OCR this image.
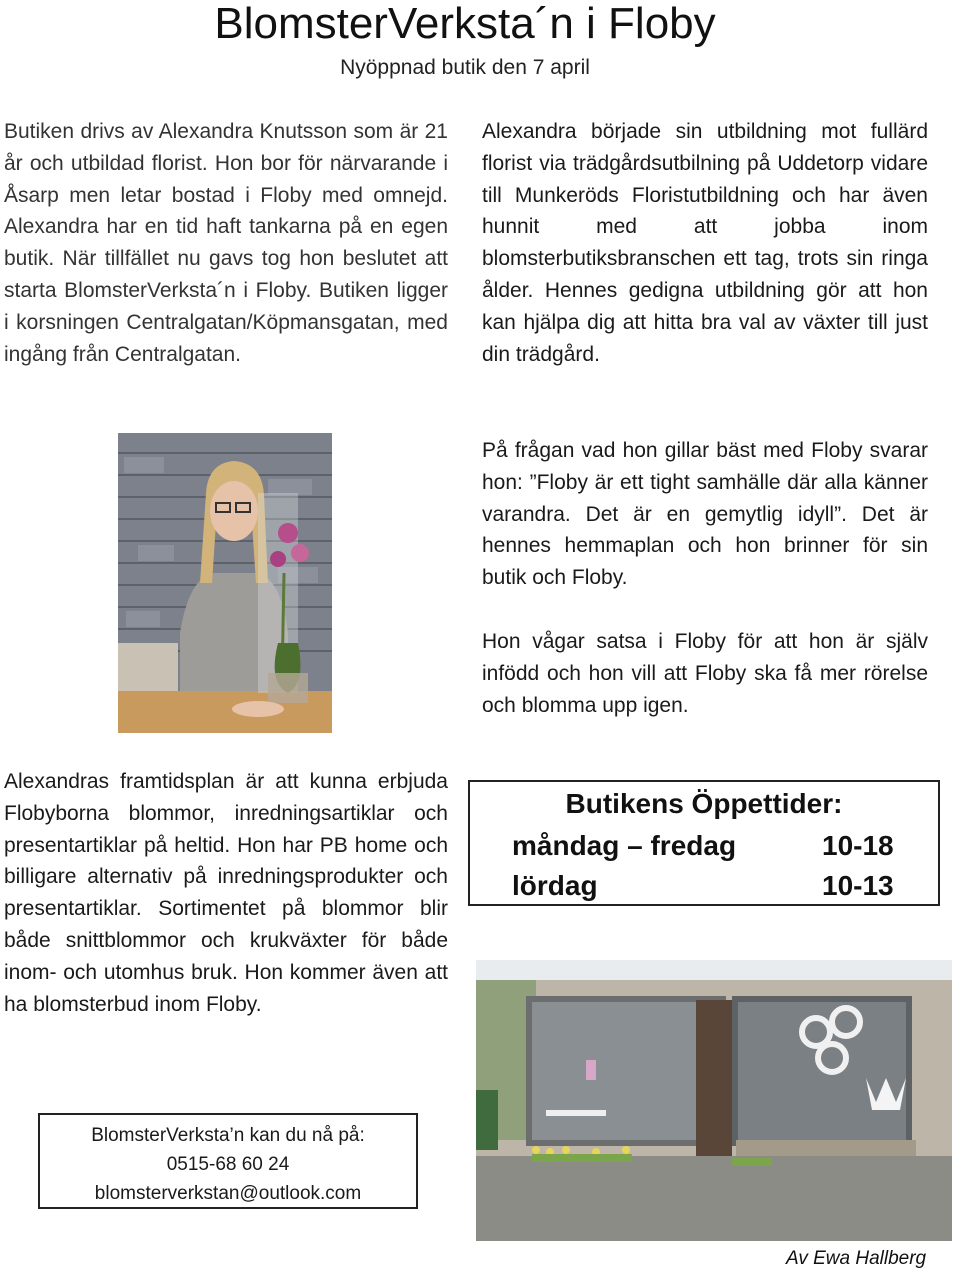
BlomsterVerksta´n i Floby
Nyöppnad butik den 7 april

Butiken drivs av Alexandra Knutsson som är 21 år och utbildad florist. Hon bor för närvarande i Åsarp men letar bostad i Floby med omnejd. Alexandra har en tid haft tankarna på en egen butik. När tillfället nu gavs tog hon beslutet att starta BlomsterVerksta´n i Floby. Butiken ligger i korsningen Centralgatan/Köpmansgatan, med ingång från Centralgatan.

Alexandra började sin utbildning mot fullärd florist via trädgårdsutbilning på Uddetorp vidare till Munkeröds Floristutbildning och har även hunnit med att jobba inom blomsterbutiksbranschen ett tag, trots sin ringa ålder. Hennes gedigna utbildning gör att hon kan hjälpa dig att hitta bra val av växter till just din trädgård.

På frågan vad hon gillar bäst med Floby svarar hon: ”Floby är ett tight samhälle där alla känner varandra. Det är en gemytlig idyll”. Det är hennes hemmaplan och hon brinner för sin butik och Floby.

Hon vågar satsa i Floby för att hon är själv infödd och hon vill att Floby ska få mer rörelse och blomma upp igen.

Alexandras framtidsplan är att kunna erbjuda Flobyborna blommor, inredningsartiklar och presentartiklar på heltid. Hon har PB home och billigare alternativ på inredningsprodukter och presentartiklar. Sortimentet på blommor blir både snittblommor och krukväxter för både inom- och utomhus bruk. Hon kommer även att ha blomsterbud inom Floby.

Butikens Öppettider:
måndag – fredag	10-18
lördag	10-13
BlomsterVerksta’n kan du nå på:
0515-68 60 24
blomsterverkstan@outlook.com
Av Ewa Hallberg
